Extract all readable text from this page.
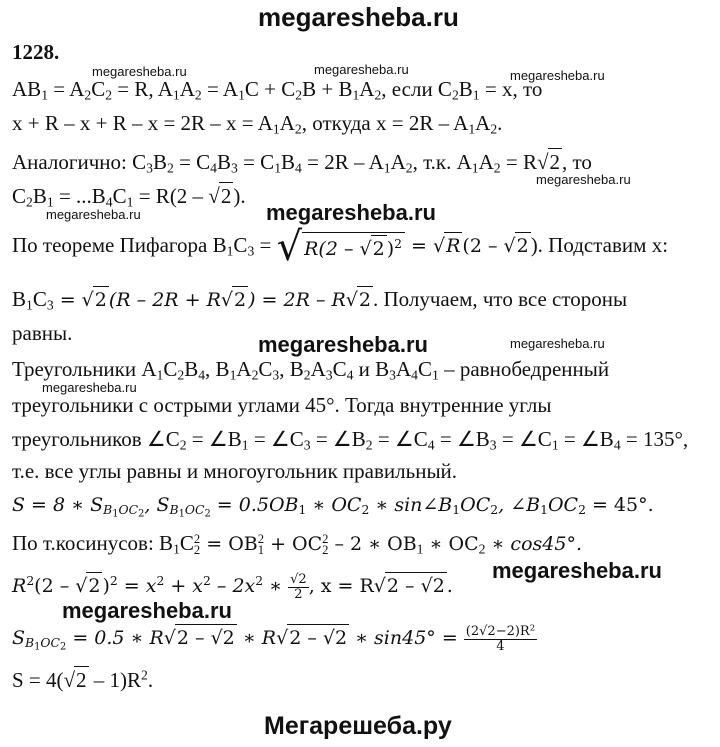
megaresheba.ru
megaresheba.ru	megaresheba.ru	megaresheba.ru
megaresheba.ru
megaresheba.ru	megaresheba.ru
megaresheba.ru	megaresheba.ru
megaresheba.ru
megaresheba.ru
megaresheba.ru
1228.
$AB_1 = A_2C_2 = R$, $A_1A_2 = A_1C + C_2B + B_1A_2$, если $C_2B_1 = x$, то
$x + R - x + R - x = 2R - x = A_1A_2$, откуда $x = 2R - A_1A_2$.
Аналогично: $C_3B_2 = C_4B_3 = C_1B_4 = 2R - A_1A_2$, т.к. $A_1A_2 = R√2$, то
$C_2B_1 = ...B_4C_1 = R(2 - √2)$.
По теореме Пифагора $B_1C_3$ = √ R(2 – √2 )$^2$ = √R (2 – √2). Подставим x:
$B_1C_3 = √2$ (R – 2R + R√2 ) = 2R – R√2. Получаем, что все стороны
равны.
Треугольники $A_1C_2B_4$, $B_1A_2C_3$, $B_2A_3C_4$ и $B_3A_4C_1$ – равнобедренный
треугольники с острыми углами 45°. Тогда внутренние углы
треугольников $\angle C_2$ = $\angle B_1$ = $\angle C_3$ = $\angle B_2$ = $\angle C_4$ = $\angle B_3$ = $\angle C_1$ = $\angle B_4 = 135^\circ$,
т.е. все углы равны и многоугольник правильный.
S = 8 ∗ $S_{B_1OC_2}$, $S_{B_1OC_2} = 0.5OB_1$ ∗ $OC_2$ ∗ $\sin\angle B_1OC_2$, $\angle B_1OC_2 = 45^\circ$.
По т.косинусов: $B_1C$ 2
2 = OB 2
1 + OC 2
2 – 2 ∗ $OB_1$ ∗ $OC_2$ ∗ cos45°.
$R^2(2 - √2$ )$^2 = x^2 + x^2 - 2x^2$ ∗ $\frac{√2}{2}$ , x = R√2 – √2 .
$S_{B_1OC_2} = 0.5$ ∗ R√2 – √2 ∗ R√2 – √2 ∗ $\sin 45^\circ = \frac{(2√2-2)R^2}{4}$
$S = 4(√2 - 1)R^2$.
Мегарешеба.ру
